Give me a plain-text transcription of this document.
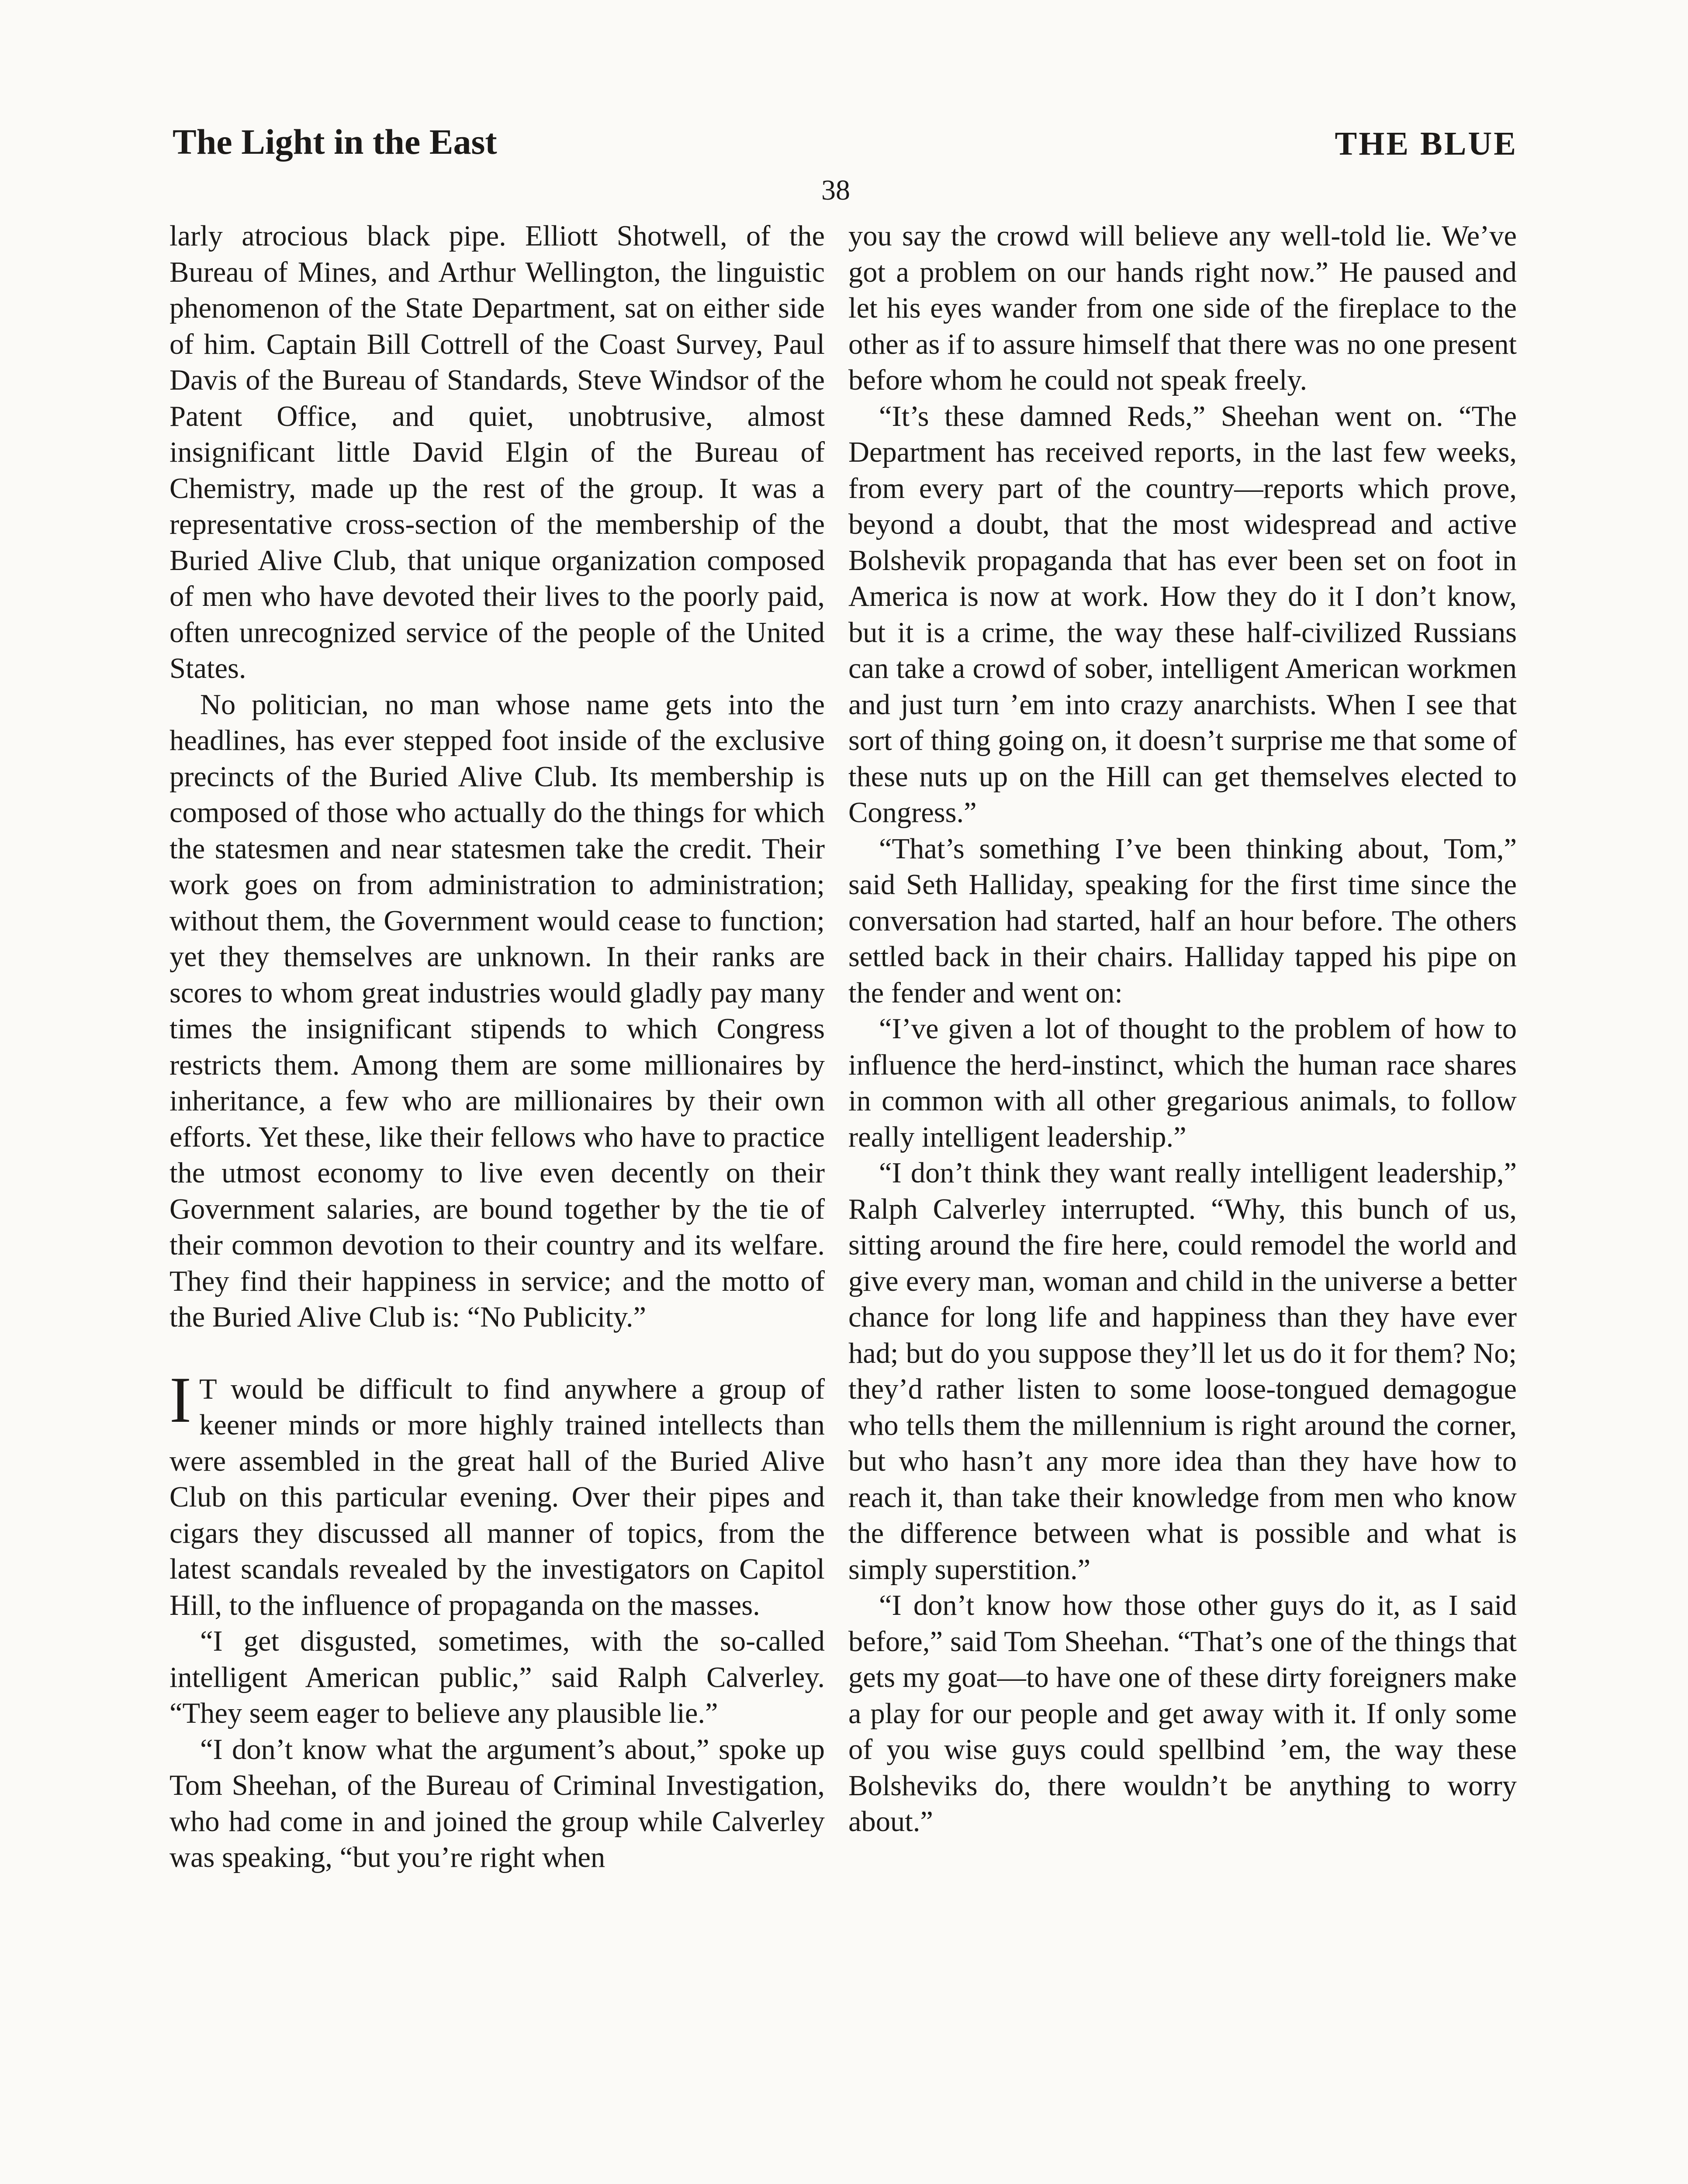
The Light in the East	THE BLUE
38

larly atrocious black pipe. Elliott Shotwell, of the Bureau of Mines, and Arthur Wellington, the linguistic phenomenon of the State Department, sat on either side of him. Captain Bill Cottrell of the Coast Survey, Paul Davis of the Bureau of Standards, Steve Windsor of the Patent Office, and quiet, unobtrusive, almost insignificant little David Elgin of the Bureau of Chemistry, made up the rest of the group. It was a representative cross-section of the membership of the Buried Alive Club, that unique organization composed of men who have devoted their lives to the poorly paid, often unrecognized service of the people of the United States.

No politician, no man whose name gets into the headlines, has ever stepped foot inside of the exclusive precincts of the Buried Alive Club. Its membership is composed of those who actually do the things for which the statesmen and near statesmen take the credit. Their work goes on from administration to administration; without them, the Government would cease to function; yet they themselves are unknown. In their ranks are scores to whom great industries would gladly pay many times the insignificant stipends to which Congress restricts them. Among them are some millionaires by inheritance, a few who are millionaires by their own efforts. Yet these, like their fellows who have to practice the utmost economy to live even decently on their Government salaries, are bound together by the tie of their common devotion to their country and its welfare. They find their happiness in service; and the motto of the Buried Alive Club is: “No Publicity.”

I T would be difficult to find anywhere a group of keener minds or more highly trained intellects than were assembled in the great hall of the Buried Alive Club on this particular evening. Over their pipes and cigars they discussed all manner of topics, from the latest scandals revealed by the investigators on Capitol Hill, to the influence of propaganda on the masses.

“I get disgusted, sometimes, with the so-called intelligent American public,” said Ralph Calverley. “They seem eager to believe any plausible lie.”

“I don’t know what the argument’s about,” spoke up Tom Sheehan, of the Bureau of Criminal Investigation, who had come in and joined the group while Calverley was speaking, “but you’re right when

you say the crowd will believe any well-told lie. We’ve got a problem on our hands right now.” He paused and let his eyes wander from one side of the fireplace to the other as if to assure himself that there was no one present before whom he could not speak freely.

“It’s these damned Reds,” Sheehan went on. “The Department has received reports, in the last few weeks, from every part of the country—reports which prove, beyond a doubt, that the most widespread and active Bolshevik propaganda that has ever been set on foot in America is now at work. How they do it I don’t know, but it is a crime, the way these half-civilized Russians can take a crowd of sober, intelligent American workmen and just turn ’em into crazy anarchists. When I see that sort of thing going on, it doesn’t surprise me that some of these nuts up on the Hill can get themselves elected to Congress.”

“That’s something I’ve been thinking about, Tom,” said Seth Halliday, speaking for the first time since the conversation had started, half an hour before. The others settled back in their chairs. Halliday tapped his pipe on the fender and went on:

“I’ve given a lot of thought to the problem of how to influence the herd-instinct, which the human race shares in common with all other gregarious animals, to follow really intelligent leadership.”

“I don’t think they want really intelligent leadership,” Ralph Calverley interrupted. “Why, this bunch of us, sitting around the fire here, could remodel the world and give every man, woman and child in the universe a better chance for long life and happiness than they have ever had; but do you suppose they’ll let us do it for them? No; they’d rather listen to some loose-tongued demagogue who tells them the millennium is right around the corner, but who hasn’t any more idea than they have how to reach it, than take their knowledge from men who know the difference between what is possible and what is simply superstition.”

“I don’t know how those other guys do it, as I said before,” said Tom Sheehan. “That’s one of the things that gets my goat—to have one of these dirty foreigners make a play for our people and get away with it. If only some of you wise guys could spellbind ’em, the way these Bolsheviks do, there wouldn’t be anything to worry about.”
